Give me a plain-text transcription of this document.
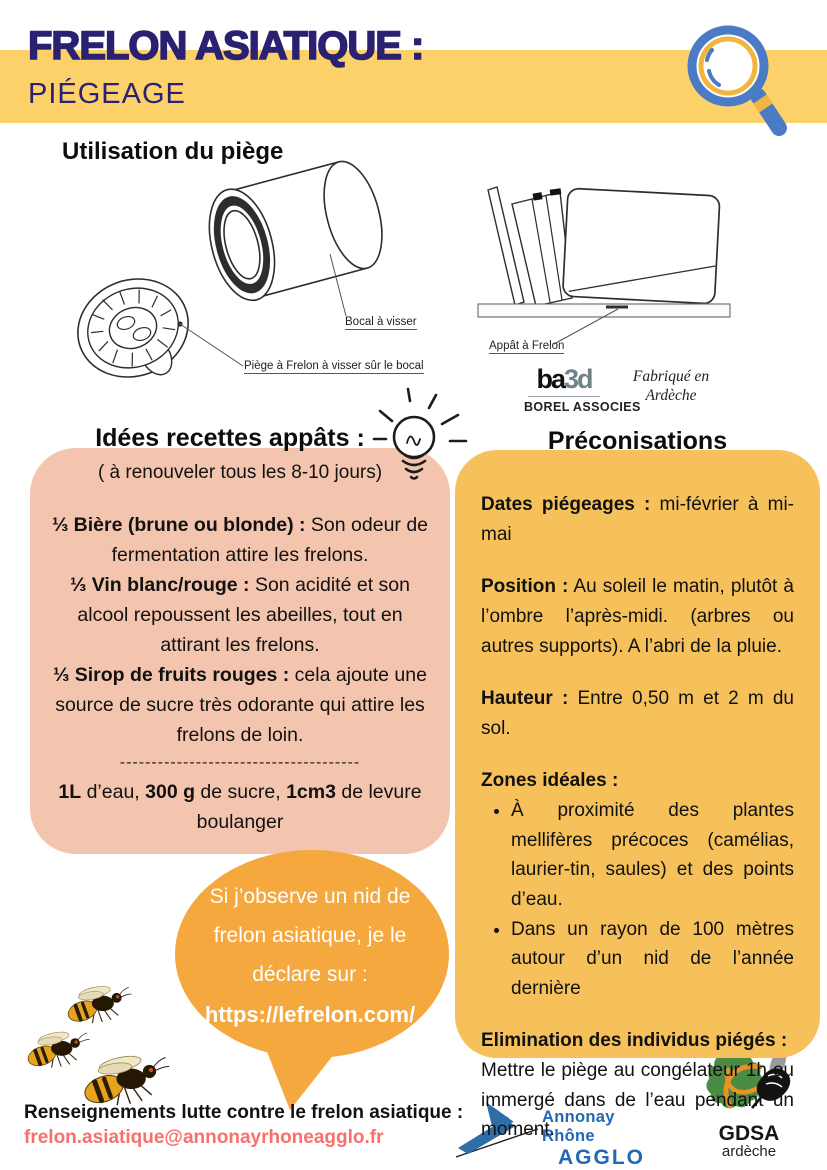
FRELON ASIATIQUE :
PIÉGEAGE
Utilisation du piège
Bocal à visser
Piège à Frelon à visser sûr le bocal
Appât à Frelon
ba3d
BOREL ASSOCIES
Fabriqué en
Ardèche
Idées recettes appâts :
( à renouveler tous les 8-10 jours)

⅓ Bière (brune ou blonde) : Son odeur de fermentation attire les frelons.

⅓ Vin blanc/rouge : Son acidité et son alcool repoussent les abeilles, tout en attirant les frelons.

⅓ Sirop de fruits rouges : cela ajoute une source de sucre très odorante qui attire les frelons de loin.

--------------------------------------

1L d’eau, 300 g de sucre, 1cm3 de levure boulanger

Préconisations

Dates piégeages : mi-février à mi-mai

Position : Au soleil le matin, plutôt à l’ombre l’après-midi. (arbres ou autres supports). A l’abri de la pluie.

Hauteur : Entre 0,50 m et 2 m du sol.

Zones idéales :

• À proximité des plantes mellifères précoces (camélias, laurier-tin, saules) et des points d’eau.
• Dans un rayon de 100 mètres autour d’un nid de l’année dernière

Elimination des individus piégés :
Mettre le piège au congélateur 1h ou immergé dans de l’eau pendant un moment.

Si j’observe un nid de
frelon asiatique, je le
déclare sur :
https://lefrelon.com/
Renseignements lutte contre le frelon asiatique :
frelon.asiatique@annonayrhoneagglo.fr
Annonay Rhône
AGGLO
GDSA
ardèche
